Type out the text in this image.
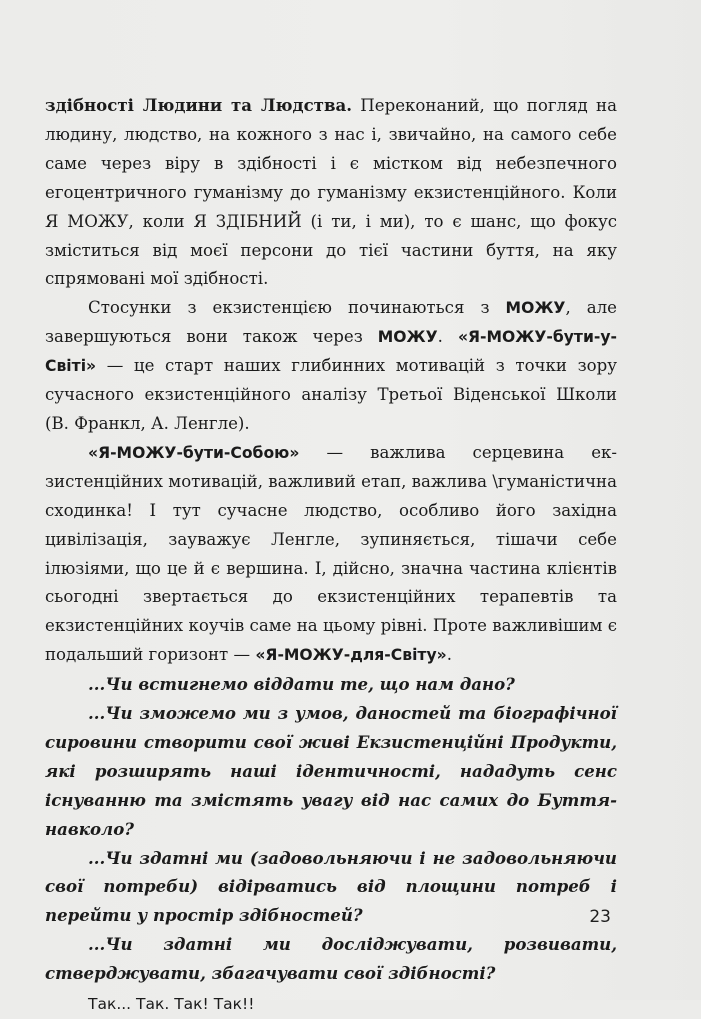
здібності Людини та Людства. Переконаний, що погляд на людину, людство, на кожного з нас і, звичайно, на самого себе саме через віру в здібності і є містком від небезпечного егоцентричного гуманізму до гуманізму екзистенційного. Коли Я МОЖУ, коли Я ЗДІБНИЙ (і ти, і ми), то є шанс, що фокус зміститься від моєї персони до тієї частини буття, на яку спрямовані мої здібності.

Стосунки з екзистенцією починаються з МОЖУ, але завершуються вони також через МОЖУ. «Я-МОЖУ-бути-у-Світі» — це старт наших глибинних мотивацій з точки зору сучасного екзистенційного аналізу Третьої Віденської Школи (В. Франкл, А. Ленгле).

«Я-МОЖУ-бути-Собою» — важлива серцевина екзистенційних мотивацій, важливий етап, важлива \гуманістична сходинка! І тут сучасне людство, особливо його західна цивілізація, зауважує Ленгле, зупиняється, тішачи себе ілюзіями, що це й є вершина. І, дійсно, значна частина клієнтів сьогодні звертається до екзистенційних терапевтів та екзистенційних коучів саме на цьому рівні. Проте важливішим є подальший горизонт — «Я-МОЖУ-для-Світу».

...Чи встигнемо віддати те, що нам дано?

...Чи зможемо ми з умов, даностей та біографічної сировини створити свої живі Екзистенційні Продукти, які розширять наші ідентичності, нададуть сенс існуванню та змістять увагу від нас самих до Буття-навколо?

...Чи здатні ми (задовольняючи і не задовольняючи свої потреби) відірватись від площини потреб і перейти у простір здібностей?

...Чи здатні ми досліджувати, розвивати, стверджувати, збагачувати свої здібності?

Так... Так. Так! Так!!

23
